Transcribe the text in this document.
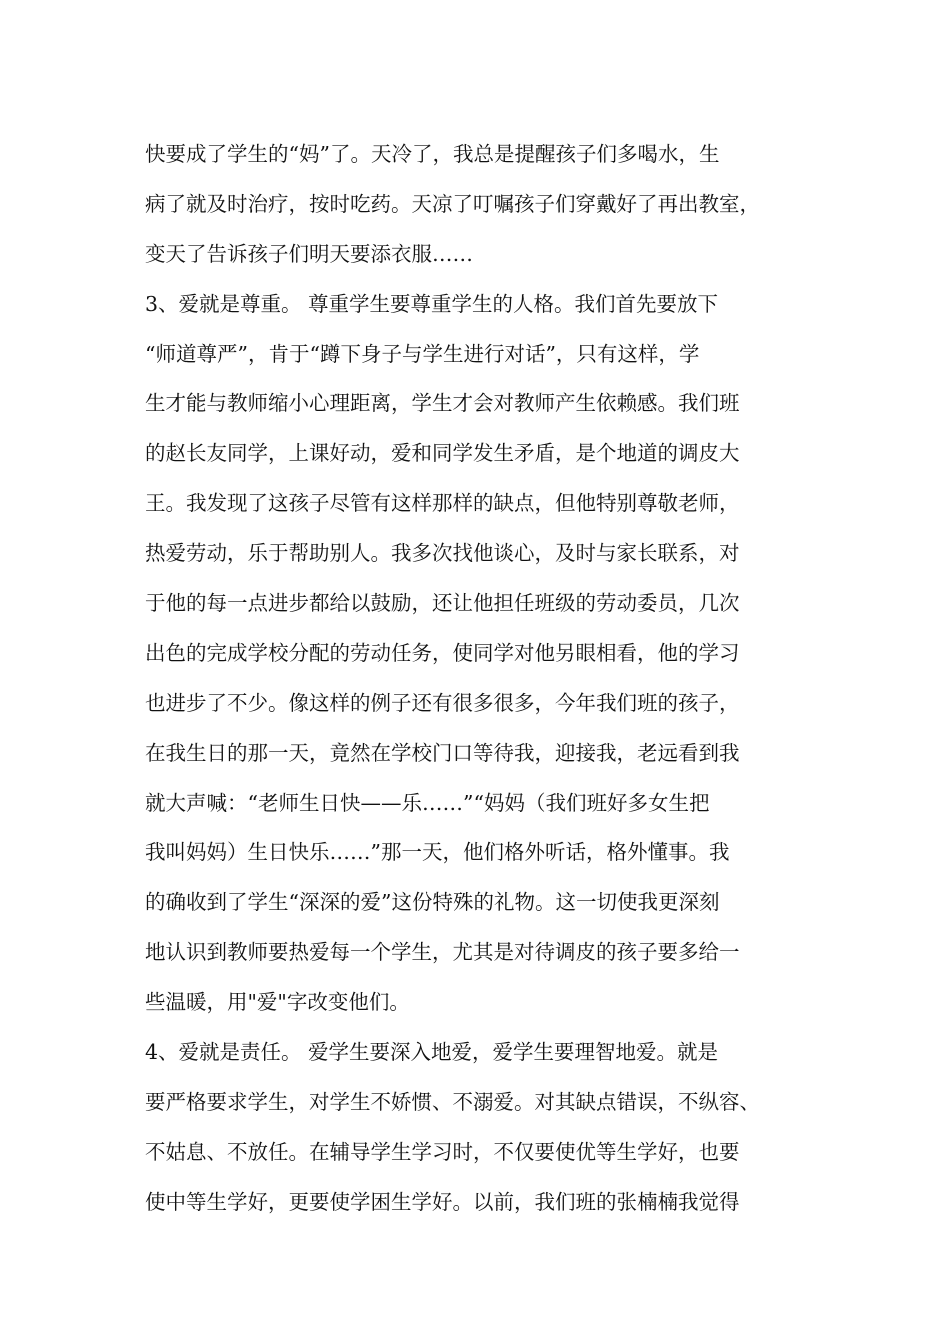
快要成了学生的“妈”了。天冷了，我总是提醒孩子们多喝水，生
病了就及时治疗，按时吃药。天凉了叮嘱孩子们穿戴好了再出教室，
变天了告诉孩子们明天要添衣服……
3、爱就是尊重。 尊重学生要尊重学生的人格。我们首先要放下
“师道尊严”，肯于“蹲下身子与学生进行对话”，只有这样，学
生才能与教师缩小心理距离，学生才会对教师产生依赖感。我们班
的赵长友同学，上课好动，爱和同学发生矛盾，是个地道的调皮大
王。我发现了这孩子尽管有这样那样的缺点，但他特别尊敬老师，
热爱劳动，乐于帮助别人。我多次找他谈心，及时与家长联系，对
于他的每一点进步都给以鼓励，还让他担任班级的劳动委员，几次
出色的完成学校分配的劳动任务，使同学对他另眼相看，他的学习
也进步了不少。像这样的例子还有很多很多，今年我们班的孩子，
在我生日的那一天，竟然在学校门口等待我，迎接我，老远看到我
就大声喊：“老师生日快——乐……”“妈妈（我们班好多女生把
我叫妈妈）生日快乐……”那一天，他们格外听话，格外懂事。我
的确收到了学生“深深的爱”这份特殊的礼物。这一切使我更深刻
地认识到教师要热爱每一个学生，尤其是对待调皮的孩子要多给一
些温暖，用"爱"字改变他们。
4、爱就是责任。 爱学生要深入地爱，爱学生要理智地爱。就是
要严格要求学生，对学生不娇惯、不溺爱。对其缺点错误，不纵容、
不姑息、不放任。在辅导学生学习时，不仅要使优等生学好，也要
使中等生学好，更要使学困生学好。以前，我们班的张楠楠我觉得
